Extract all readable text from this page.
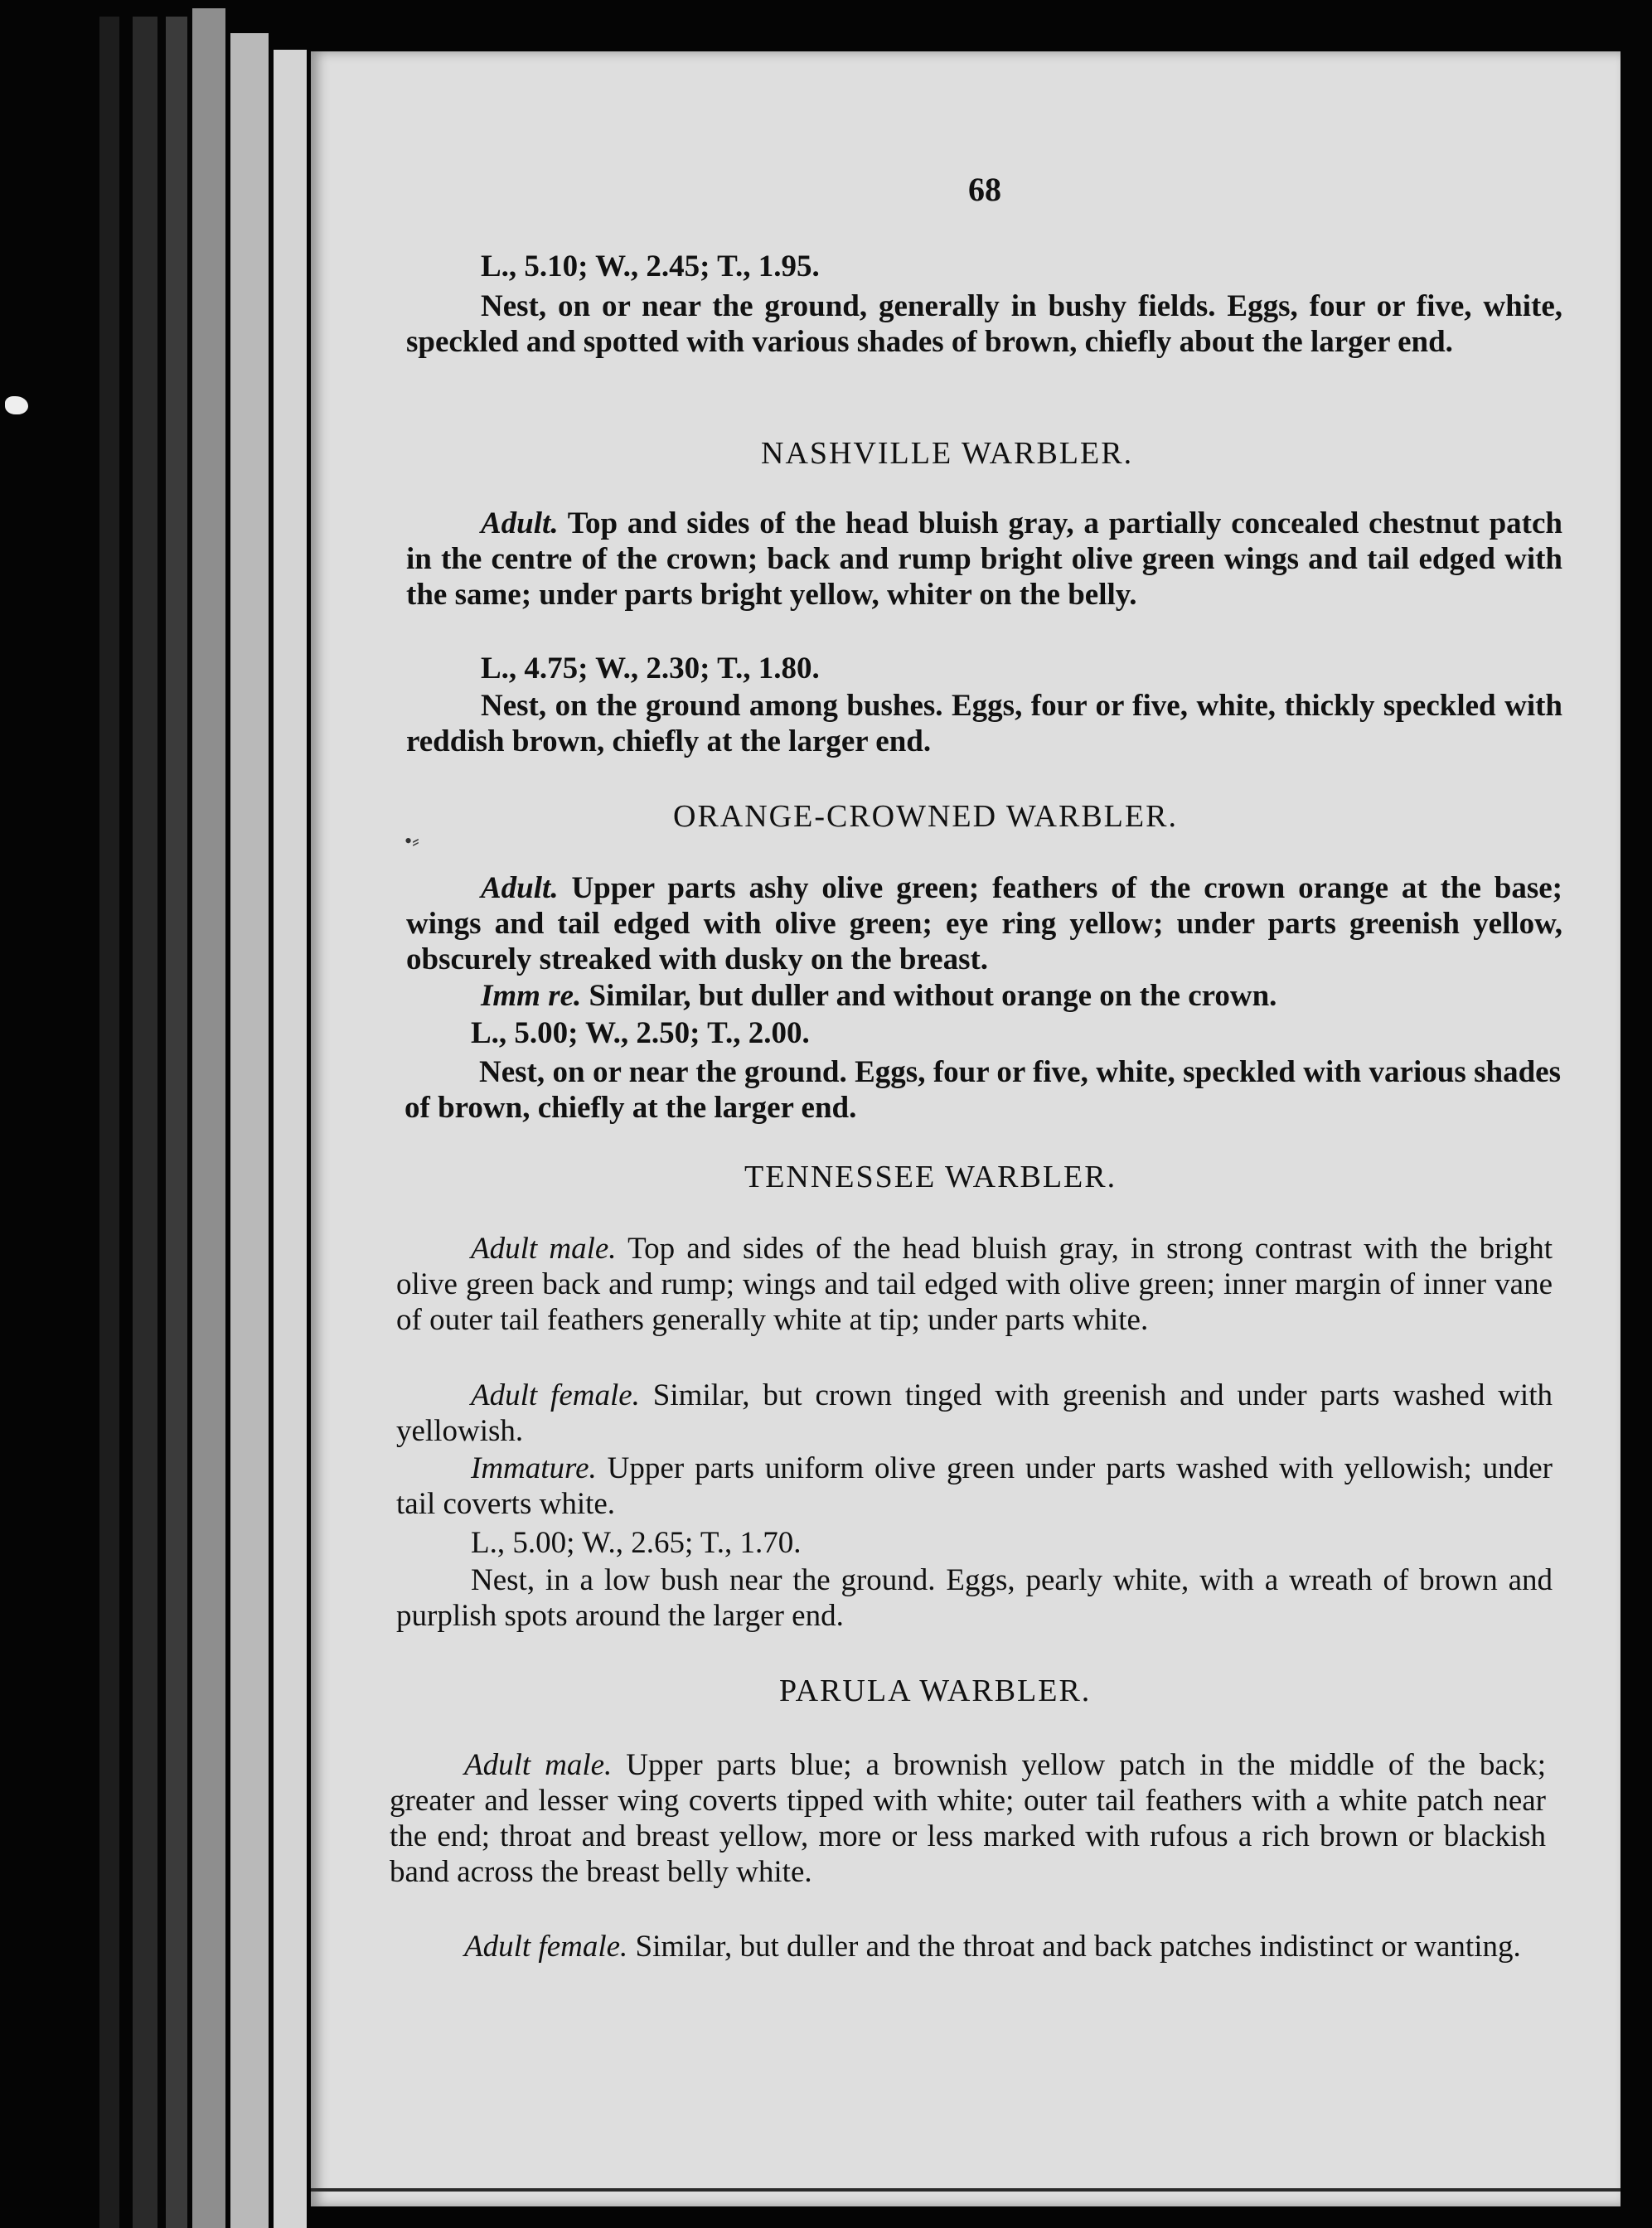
68
L., 5.10; W., 2.45; T., 1.95.

Nest, on or near the ground, generally in bushy fields. Eggs, four or five, white, speckled and spotted with various shades of brown, chiefly about the larger end.

NASHVILLE WARBLER.

Adult. Top and sides of the head bluish gray, a partially concealed chestnut patch in the centre of the crown; back and rump bright olive green wings and tail edged with the same; under parts bright yellow, whiter on the belly.

L., 4.75; W., 2.30; T., 1.80.

Nest, on the ground among bushes. Eggs, four or five, white, thickly speckled with reddish brown, chiefly at the larger end.

ORANGE-CROWNED WARBLER.
•⸗

Adult. Upper parts ashy olive green; feathers of the crown orange at the base; wings and tail edged with olive green; eye ring yellow; under parts greenish yellow, obscurely streaked with dusky on the breast.

Imm re. Similar, but duller and without orange on the crown.

L., 5.00; W., 2.50; T., 2.00.

Nest, on or near the ground. Eggs, four or five, white, speckled with various shades of brown, chiefly at the larger end.

TENNESSEE WARBLER.

Adult male. Top and sides of the head bluish gray, in strong contrast with the bright olive green back and rump; wings and tail edged with olive green; inner margin of inner vane of outer tail feathers generally white at tip; under parts white.

Adult female. Similar, but crown tinged with greenish and under parts washed with yellowish.

Immature. Upper parts uniform olive green under parts washed with yellowish; under tail coverts white.

L., 5.00; W., 2.65; T., 1.70.

Nest, in a low bush near the ground. Eggs, pearly white, with a wreath of brown and purplish spots around the larger end.

PARULA WARBLER.

Adult male. Upper parts blue; a brownish yellow patch in the middle of the back; greater and lesser wing coverts tipped with white; outer tail feathers with a white patch near the end; throat and breast yellow, more or less marked with rufous a rich brown or blackish band across the breast belly white.

Adult female. Similar, but duller and the throat and back patches indistinct or wanting.
